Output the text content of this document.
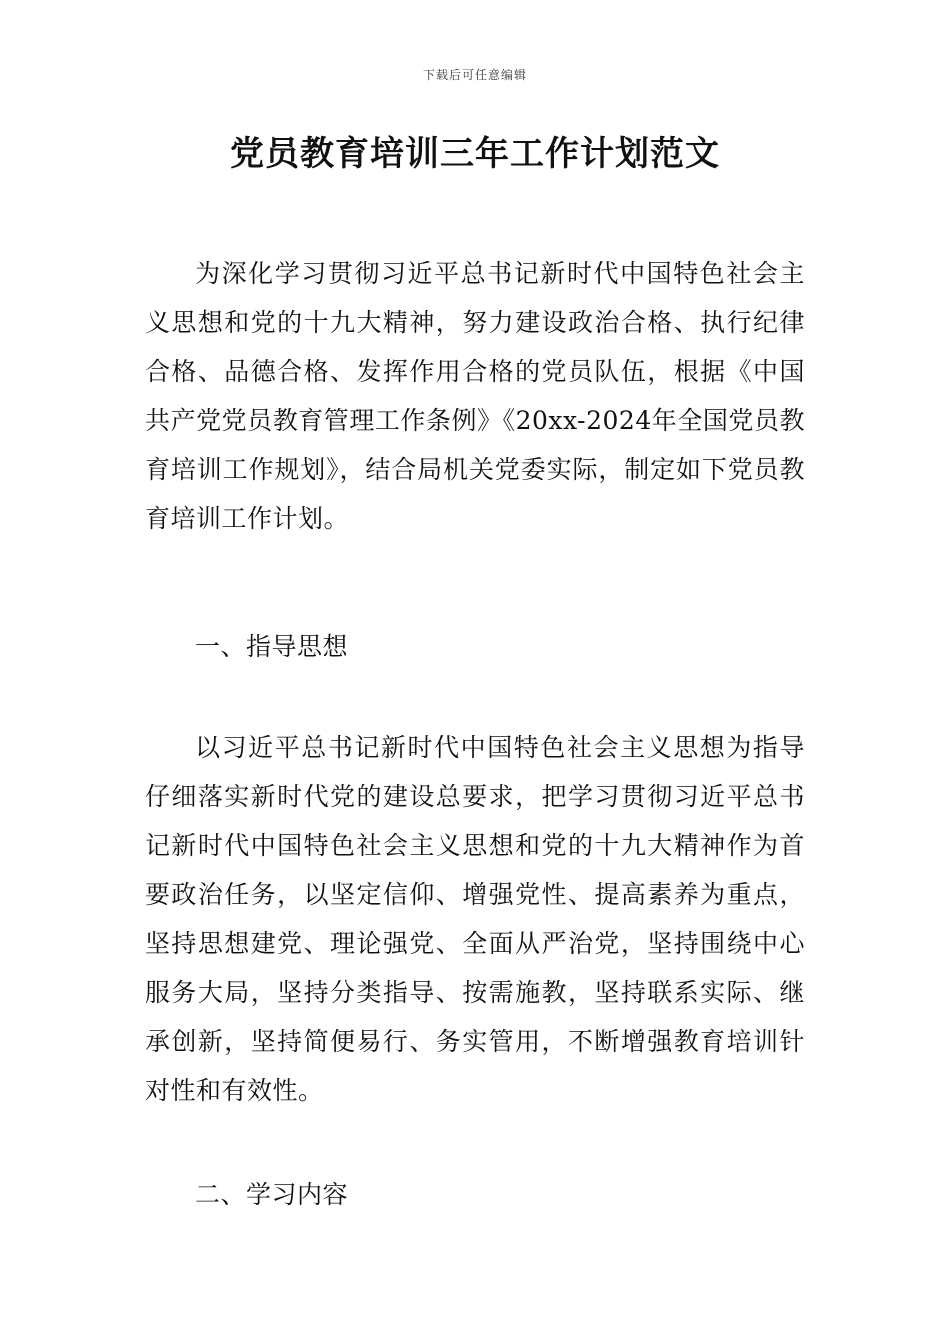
下载后可任意编辑
党员教育培训三年工作计划范文

为深化学习贯彻习近平总书记新时代中国特色社会主义思想和党的十九大精神，努力建设政治合格、执行纪律合格、品德合格、发挥作用合格的党员队伍，根据《中国共产党党员教育管理工作条例》《20xx-2024年全国党员教育培训工作规划》，结合局机关党委实际，制定如下党员教育培训工作计划。

一、指导思想

以习近平总书记新时代中国特色社会主义思想为指导仔细落实新时代党的建设总要求，把学习贯彻习近平总书记新时代中国特色社会主义思想和党的十九大精神作为首要政治任务，以坚定信仰、增强党性、提高素养为重点，坚持思想建党、理论强党、全面从严治党，坚持围绕中心服务大局，坚持分类指导、按需施教，坚持联系实际、继承创新，坚持简便易行、务实管用，不断增强教育培训针对性和有效性。

二、学习内容
